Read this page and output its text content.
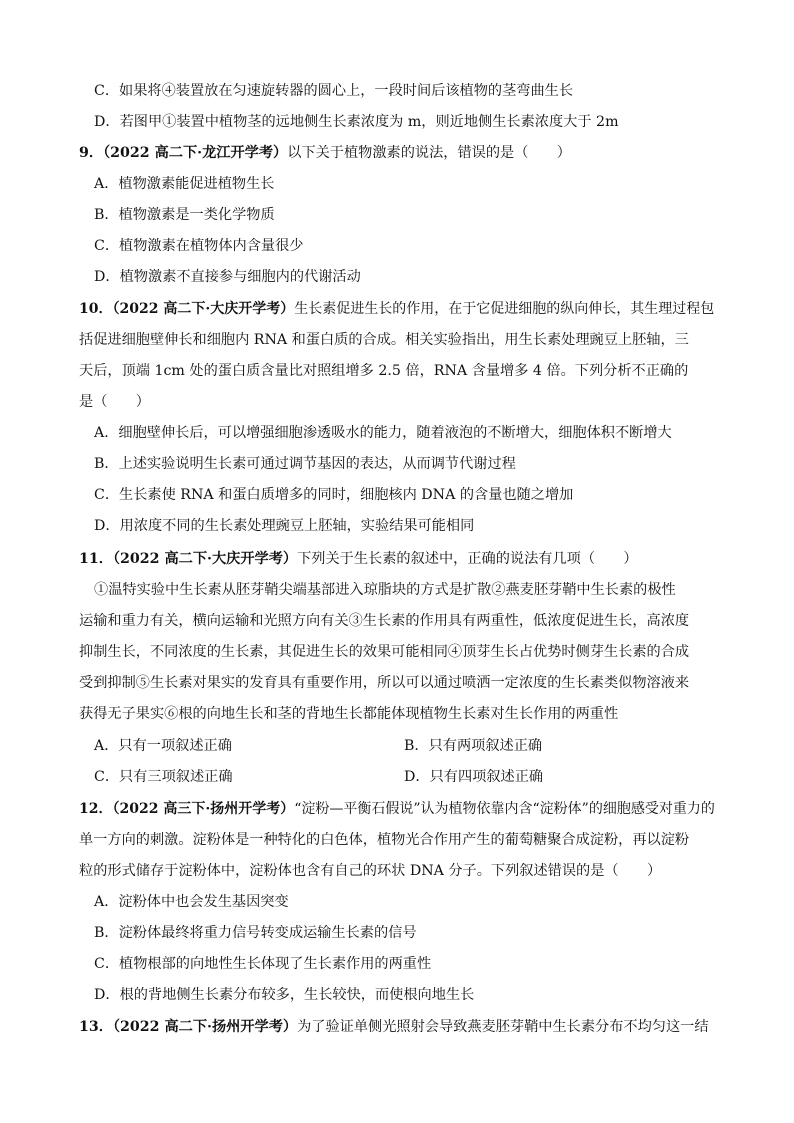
C．如果将④装置放在匀速旋转器的圆心上，一段时间后该植物的茎弯曲生长
D．若图甲①装置中植物茎的远地侧生长素浓度为 m，则近地侧生长素浓度大于 2m
9．（2022 高二下·龙江开学考）以下关于植物激素的说法，错误的是（　　）
A．植物激素能促进植物生长
B．植物激素是一类化学物质
C．植物激素在植物体内含量很少
D．植物激素不直接参与细胞内的代谢活动
10．（2022 高二下·大庆开学考）生长素促进生长的作用，在于它促进细胞的纵向伸长，其生理过程包
括促进细胞壁伸长和细胞内 RNA 和蛋白质的合成。相关实验指出，用生长素处理豌豆上胚轴，三
天后，顶端 1cm 处的蛋白质含量比对照组增多 2.5 倍，RNA 含量增多 4 倍。下列分析不正确的
是（　　）
A．细胞壁伸长后，可以增强细胞渗透吸水的能力，随着液泡的不断增大，细胞体积不断增大
B．上述实验说明生长素可通过调节基因的表达，从而调节代谢过程
C．生长素使 RNA 和蛋白质增多的同时，细胞核内 DNA 的含量也随之增加
D．用浓度不同的生长素处理豌豆上胚轴，实验结果可能相同
11．（2022 高二下·大庆开学考）下列关于生长素的叙述中，正确的说法有几项（　　）
①温特实验中生长素从胚芽鞘尖端基部进入琼脂块的方式是扩散②燕麦胚芽鞘中生长素的极性
运输和重力有关，横向运输和光照方向有关③生长素的作用具有两重性，低浓度促进生长，高浓度
抑制生长，不同浓度的生长素，其促进生长的效果可能相同④顶芽生长占优势时侧芽生长素的合成
受到抑制⑤生长素对果实的发育具有重要作用，所以可以通过喷洒一定浓度的生长素类似物溶液来
获得无子果实⑥根的向地生长和茎的背地生长都能体现植物生长素对生长作用的两重性
A．只有一项叙述正确	B．只有两项叙述正确
C．只有三项叙述正确	D．只有四项叙述正确
12．（2022 高三下·扬州开学考）“淀粉—平衡石假说”认为植物依靠内含“淀粉体”的细胞感受对重力的
单一方向的刺激。淀粉体是一种特化的白色体，植物光合作用产生的葡萄糖聚合成淀粉，再以淀粉
粒的形式储存于淀粉体中，淀粉体也含有自己的环状 DNA 分子。下列叙述错误的是（　　）
A．淀粉体中也会发生基因突变
B．淀粉体最终将重力信号转变成运输生长素的信号
C．植物根部的向地性生长体现了生长素作用的两重性
D．根的背地侧生长素分布较多，生长较快，而使根向地生长
13．（2022 高二下·扬州开学考）为了验证单侧光照射会导致燕麦胚芽鞘中生长素分布不均匀这一结
